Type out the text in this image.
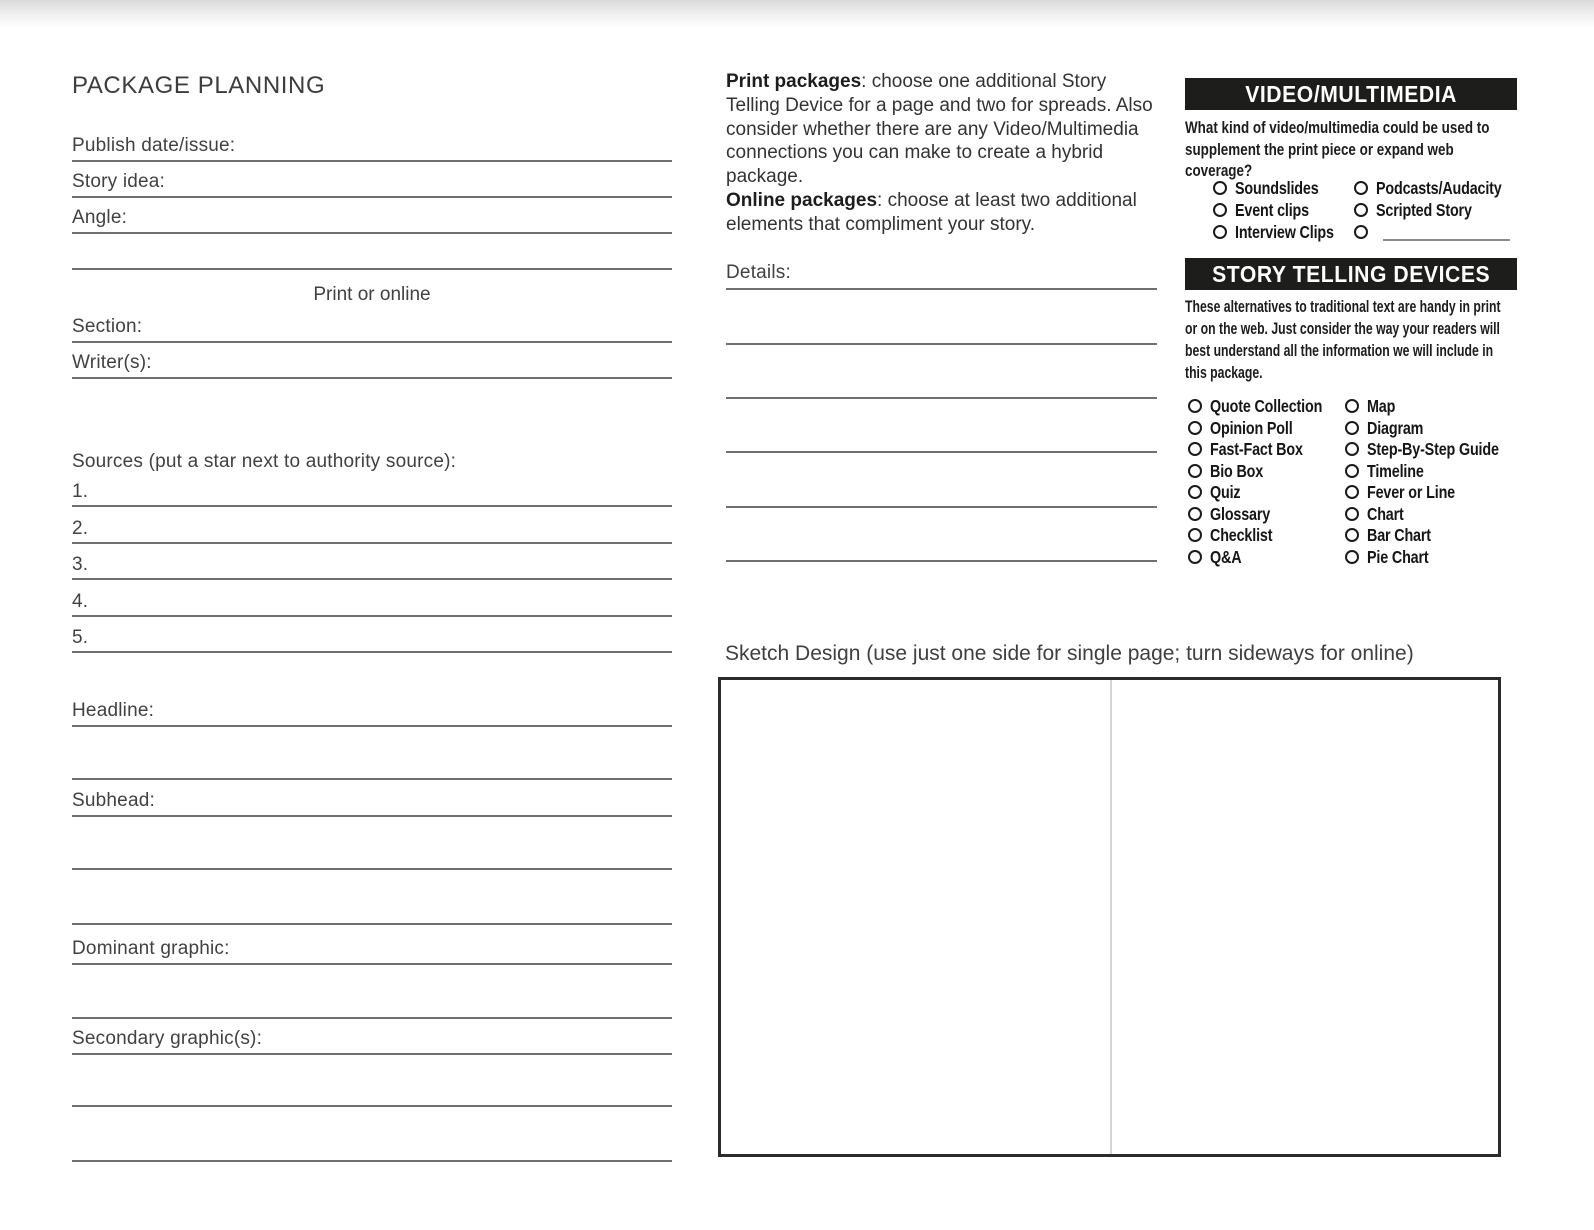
PACKAGE PLANNING
Publish date/issue:
Story idea:
Angle:
Print or online
Section:
Writer(s):
Sources (put a star next to authority source):
1.
2.
3.
4.
5.
Headline:
Subhead:
Dominant graphic:
Secondary graphic(s):
Print packages: choose one additional Story Telling Device for a page and two for spreads. Also consider whether there are any Video/Multimedia connections you can make to create a hybrid package.
Online packages: choose at least two additional elements that compliment your story.
Details:
Sketch Design (use just one side for single page; turn sideways for online)
VIDEO/MULTIMEDIA
What kind of video/multimedia could be used to supplement the print piece or expand web coverage?
Soundslides
Event clips
Interview Clips
Podcasts/Audacity
Scripted Story
STORY TELLING DEVICES
These alternatives to traditional text are handy in print or on the web. Just consider the way your readers will best understand all the information we will include in this package.
Quote Collection
Opinion Poll
Fast-Fact Box
Bio Box
Quiz
Glossary
Checklist
Q&A
Map
Diagram
Step-By-Step Guide
Timeline
Fever or Line
Chart
Bar Chart
Pie Chart
